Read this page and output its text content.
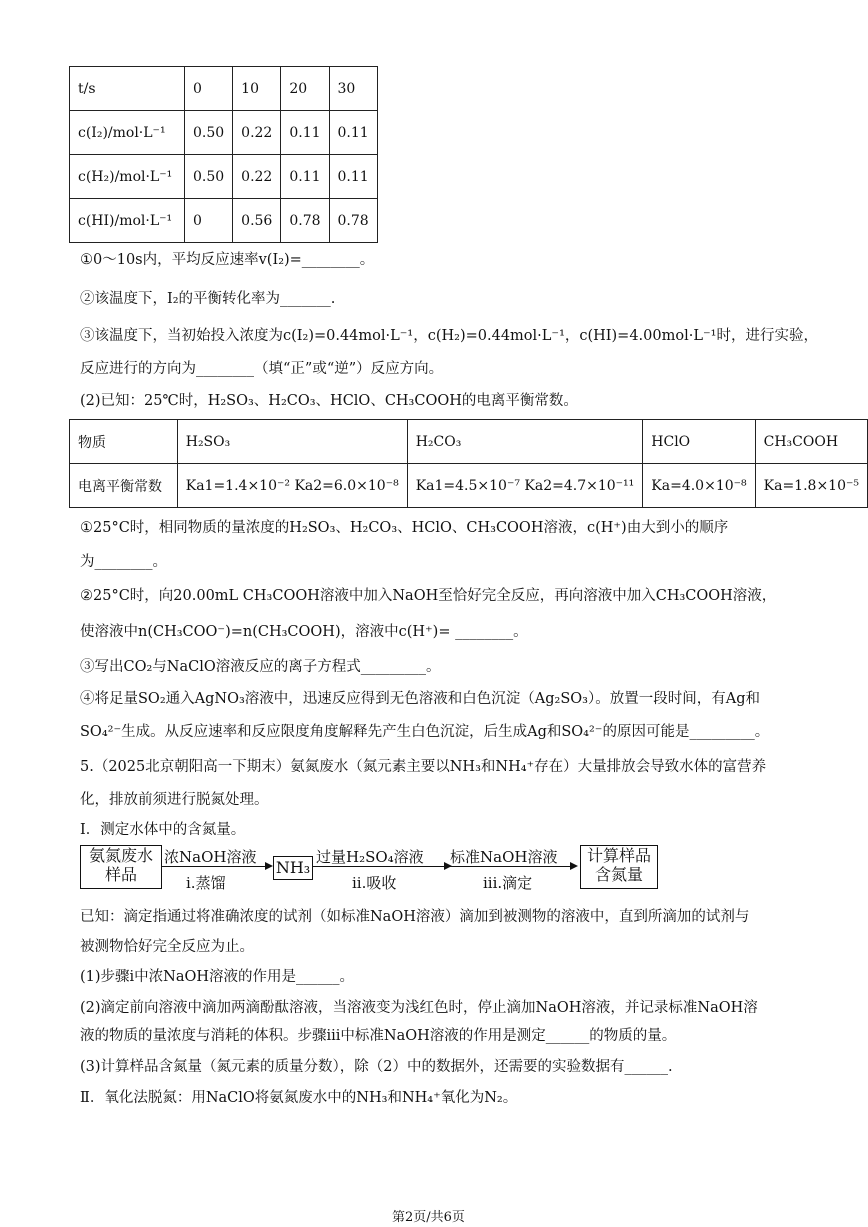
t/s	0	10	20	30
c(I₂)/mol·L⁻¹	0.50	0.22	0.11	0.11
c(H₂)/mol·L⁻¹	0.50	0.22	0.11	0.11
c(HI)/mol·L⁻¹	0	0.56	0.78	0.78
①0～10s内，平均反应速率v(I₂)=________。
②该温度下，I₂的平衡转化率为_______.
③该温度下，当初始投入浓度为c(I₂)=0.44mol·L⁻¹，c(H₂)=0.44mol·L⁻¹，c(HI)=4.00mol·L⁻¹时，进行实验，
反应进行的方向为________（填“正”或“逆”）反应方向。
(2)已知：25℃时，H₂SO₃、H₂CO₃、HClO、CH₃COOH的电离平衡常数。
物质	H₂SO₃	H₂CO₃	HClO	CH₃COOH
电离平衡常数	Ka1=1.4×10⁻² Ka2=6.0×10⁻⁸	Ka1=4.5×10⁻⁷ Ka2=4.7×10⁻¹¹	Ka=4.0×10⁻⁸	Ka=1.8×10⁻⁵
①25°C时，相同物质的量浓度的H₂SO₃、H₂CO₃、HClO、CH₃COOH溶液，c(H⁺)由大到小的顺序
为________。
②25°C时，向20.00mL CH₃COOH溶液中加入NaOH至恰好完全反应，再向溶液中加入CH₃COOH溶液，
使溶液中n(CH₃COO⁻)=n(CH₃COOH)，溶液中c(H⁺)= ________。
③写出CO₂与NaClO溶液反应的离子方程式_________。
④将足量SO₂通入AgNO₃溶液中，迅速反应得到无色溶液和白色沉淀（Ag₂SO₃）。放置一段时间，有Ag和
SO₄²⁻生成。从反应速率和反应限度角度解释先产生白色沉淀，后生成Ag和SO₄²⁻的原因可能是_________。
5.（2025北京朝阳高一下期末）氨氮废水（氮元素主要以NH₃和NH₄⁺存在）大量排放会导致水体的富营养
化，排放前须进行脱氮处理。
Ⅰ．测定水体中的含氮量。
氨氮废水
样品
浓NaOH溶液
i.蒸馏
NH₃
过量H₂SO₄溶液
ii.吸收
标准NaOH溶液
iii.滴定
计算样品
含氮量
已知：滴定指通过将准确浓度的试剂（如标准NaOH溶液）滴加到被测物的溶液中，直到所滴加的试剂与
被测物恰好完全反应为止。
(1)步骤ⅰ中浓NaOH溶液的作用是______。
(2)滴定前向溶液中滴加两滴酚酞溶液，当溶液变为浅红色时，停止滴加NaOH溶液，并记录标准NaOH溶
液的物质的量浓度与消耗的体积。步骤ⅲ中标准NaOH溶液的作用是测定______的物质的量。
(3)计算样品含氮量（氮元素的质量分数），除（2）中的数据外，还需要的实验数据有______.
Ⅱ．氧化法脱氮：用NaClO将氨氮废水中的NH₃和NH₄⁺氧化为N₂。
第2页/共6页
